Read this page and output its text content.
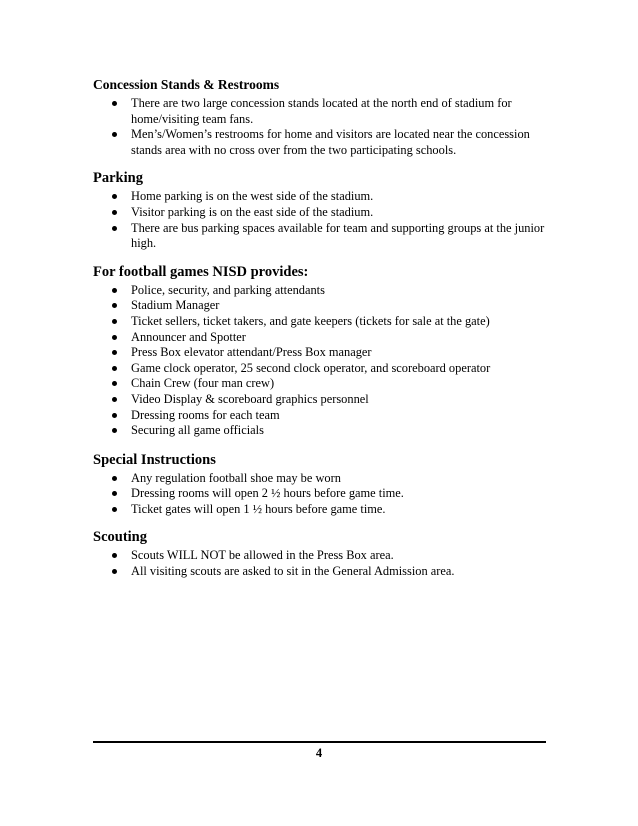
Concession Stands & Restrooms
There are two large concession stands located at the north end of stadium for home/visiting team fans.
Men’s/Women’s restrooms for home and visitors are located near the concession stands area with no cross over from the two participating schools.
Parking
Home parking is on the west side of the stadium.
Visitor parking is on the east side of the stadium.
There are bus parking spaces available for team and supporting groups at the junior high.
For football games NISD provides:
Police, security, and parking attendants
Stadium Manager
Ticket sellers, ticket takers, and gate keepers (tickets for sale at the gate)
Announcer and Spotter
Press Box elevator attendant/Press Box manager
Game clock operator, 25 second clock operator, and scoreboard operator
Chain Crew (four man crew)
Video Display & scoreboard graphics personnel
Dressing rooms for each team
Securing all game officials
Special Instructions
Any regulation football shoe may be worn
Dressing rooms will open 2 ½ hours before game time.
Ticket gates will open 1 ½ hours before game time.
Scouting
Scouts WILL NOT be allowed in the Press Box area.
All visiting scouts are asked to sit in the General Admission area.
4
